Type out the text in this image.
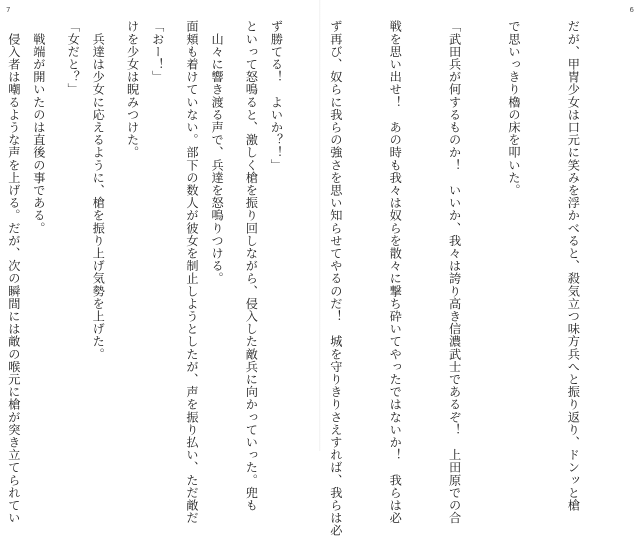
7

といって怒鳴ると、激しく槍を振り回しながら、侵入した敵兵に向かっていった。兜も

面頬も着けていない。部下の数人が彼女を制止しようとしたが、声を振り払い、ただ敵だ

けを少女は睨みつけた。

「女だと？」

　侵入者は嘲るような声を上げる。だが、次の瞬間には敵の喉元に槍が突き立てられてい

6

だが、甲冑少女は口元に笑みを浮かべると、殺気立つ味方兵へと振り返り、ドンッと槍

で思いっきり櫓の床を叩いた。

「武田兵が何するものか！　いいか、我々は誇り高き信濃武士であるぞ！　上田原での合

戦を思い出せ！　あの時も我々は奴らを散々に撃ち砕いてやったではないか！　我らは必

ず再び、奴らに我らの強さを思い知らせてやるのだ！　城を守りきりさえすれば、我らは必

ず勝てる！　よいか？！」

　山々に響き渡る声で、兵達を怒鳴りつける。

「おー！」

　兵達は少女に応えるように、槍を振り上げ気勢を上げた。

　戦端が開いたのは直後の事である。
